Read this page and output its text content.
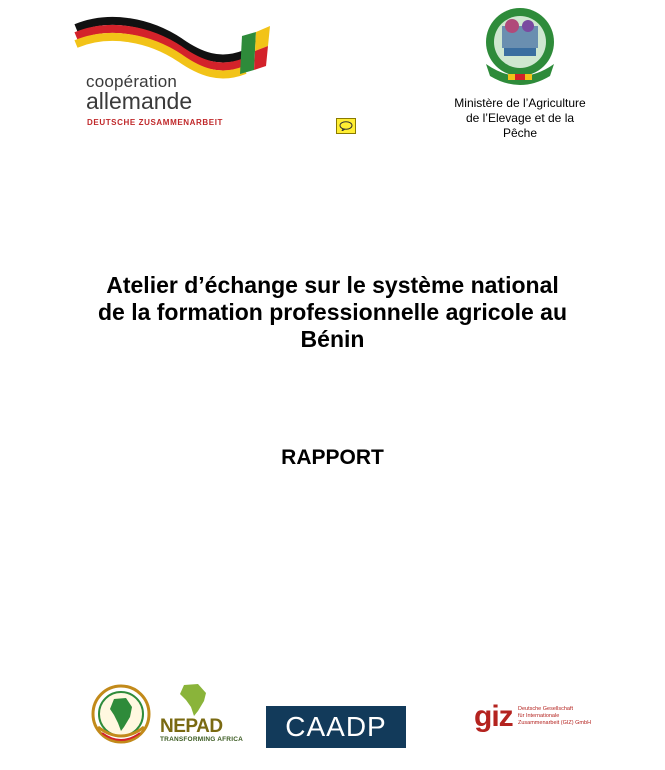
coopération
allemande
DEUTSCHE ZUSAMMENARBEIT
Ministère de l’Agriculture
de l’Elevage et de la
Pêche
Atelier d’échange sur le système national
de la formation professionnelle agricole au
Bénin
RAPPORT
NEPAD
TRANSFORMING AFRICA CAADP	giz Deutsche Gesellschaft
für Internationale
Zusammenarbeit (GIZ) GmbH
